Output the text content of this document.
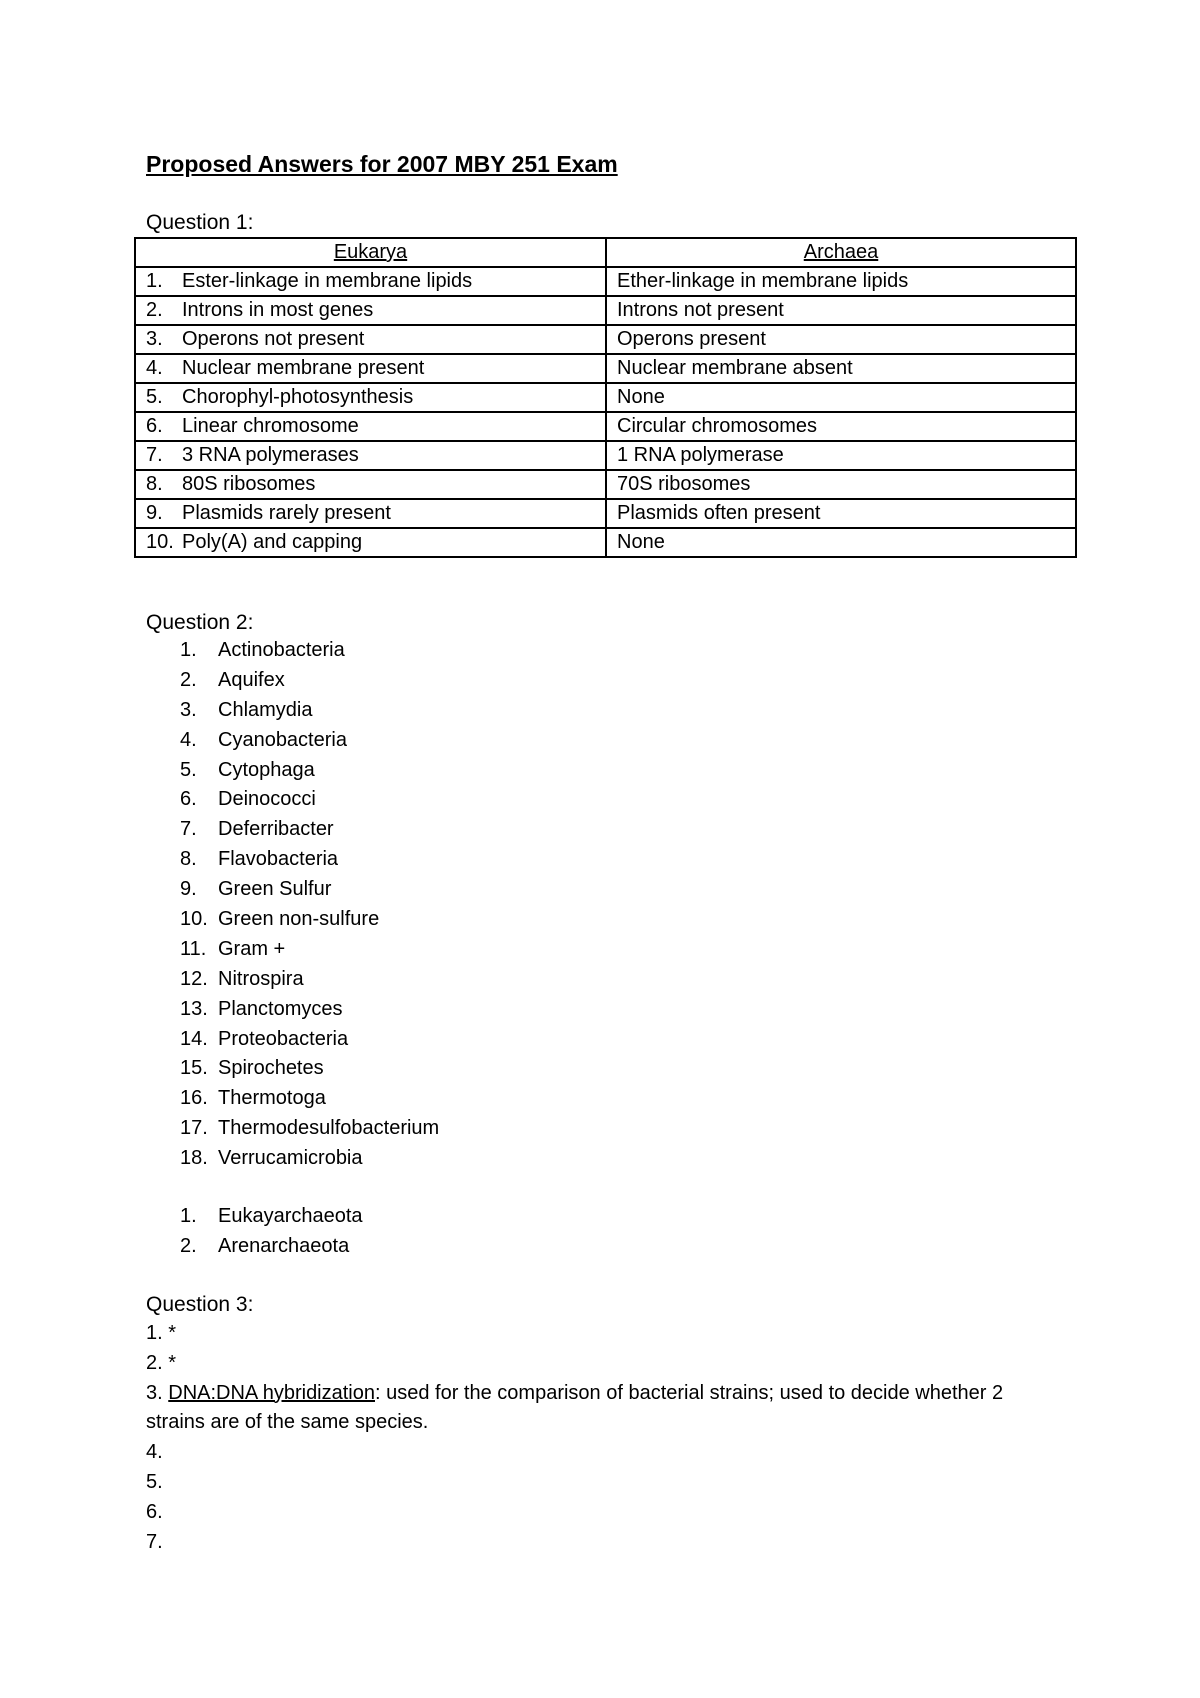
Proposed Answers for 2007 MBY 251 Exam
Question 1:
Eukarya	Archaea
1. Ester-linkage in membrane lipids	Ether-linkage in membrane lipids
2. Introns in most genes	Introns not present
3. Operons not present	Operons present
4. Nuclear membrane present	Nuclear membrane absent
5. Chorophyl-photosynthesis	None
6. Linear chromosome	Circular chromosomes
7. 3 RNA polymerases	1 RNA polymerase
8. 80S ribosomes	70S ribosomes
9. Plasmids rarely present	Plasmids often present
10. Poly(A) and capping	None
Question 2:
1. Actinobacteria
2. Aquifex
3. Chlamydia
4. Cyanobacteria
5. Cytophaga
6. Deinococci
7. Deferribacter
8. Flavobacteria
9. Green Sulfur
10. Green non-sulfure
11. Gram +
12. Nitrospira
13. Planctomyces
14. Proteobacteria
15. Spirochetes
16. Thermotoga
17. Thermodesulfobacterium
18. Verrucamicrobia
1. Eukayarchaeota
2. Arenarchaeota
Question 3:
1. *
2. *
3. DNA:DNA hybridization: used for the comparison of bacterial strains; used to decide whether 2 strains are of the same species.
4.
5.
6.
7.
